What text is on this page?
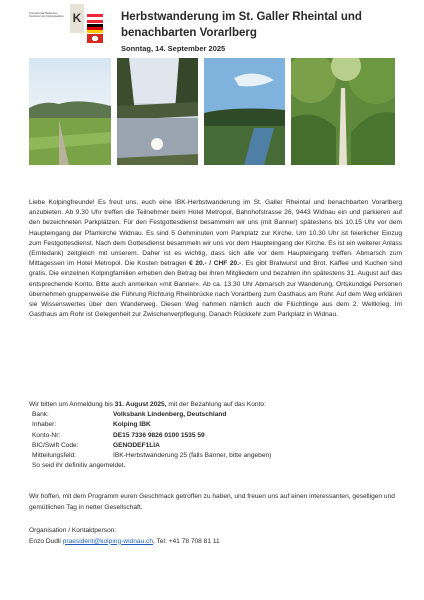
Internationale Bodensee-Konferenz der Kolpingfamilien K	Herbstwanderung im St. Galler Rheintal und benachbarten Vorarlberg
Sonntag, 14. September 2025

Liebe Kolpingfreunde! Es freut uns, euch eine IBK-Herbstwanderung im St. Galler Rheintal und benachbarten Vorarlberg anzubieten. Ab 9.30 Uhr treffen die Teilnehmer beim Hotel Metropol, Bahnhofstrasse 26, 9443 Widnau ein und parkieren auf den bezeichneten Parkplätzen. Für den Festgottesdienst besammeln wir uns (mit Banner) spätestens bis 10.15 Uhr vor dem Haupteingang der Pfarrkirche Widnau. Es sind 5 Gehminuten vom Parkplatz zur Kirche. Um 10.30 Uhr ist feierlicher Einzug zum Festgottesdienst. Nach dem Gottesdienst besammeln wir uns vor dem Haupteingang der Kirche. Es ist ein weiterer Anlass (Erntedank) zeitgleich mit unserem. Daher ist es wichtig, dass sich alle vor dem Haupteingang treffen. Abmarsch zum Mittagessen im Hotel Metropol. Die Kosten betragen € 20.- / CHF 20.-. Es gibt Bratwurst und Brot. Kaffee und Kuchen sind gratis. Die einzelnen Kolpingfamilien erheben den Betrag bei ihren Mitgliedern und bezahlen ihn spätestens 31. August auf das entsprechende Konto. Bitte auch anmerken «mit Banner». Ab ca. 13.30 Uhr Abmarsch zur Wanderung. Ortskundige Personen übernehmen gruppenweise die Führung Richtung Rheinbrücke nach Vorarlberg zum Gasthaus am Rohr. Auf dem Weg erklären sie Wissenswertes über den Wanderweg. Diesen Weg nahmen nämlich auch die Flüchtlinge aus dem 2. Weltkrieg. Im Gasthaus am Rohr ist Gelegenheit zur Zwischenverpflegung. Danach Rückkehr zum Parkplatz in Widnau.

Wir bitten um Anmeldung bis 31. August 2025, mit der Bezahlung auf das Konto:

Bank:	Volksbank Lindenberg, Deutschland
Inhaber:	Kolping IBK
Konto-Nr:	DE15 7336 9826 0100 1535 59
BIC/Swift Code:	GENODEF1LIA
Mitteilungsfeld:	IBK-Herbstwanderung 25 (falls Banner, bitte angeben)

So seid ihr definitiv angemeldet.

Wir hoffen, mit dem Programm euren Geschmack getroffen zu haben, und freuen uns auf einen interessanten, geselligen und gemütlichen Tag in netter Gesellschaft.

Organisation / Kontaktperson:

Enzo Dudli praesident@kolping-widnau.ch, Tel: +41 78 708 81 11
